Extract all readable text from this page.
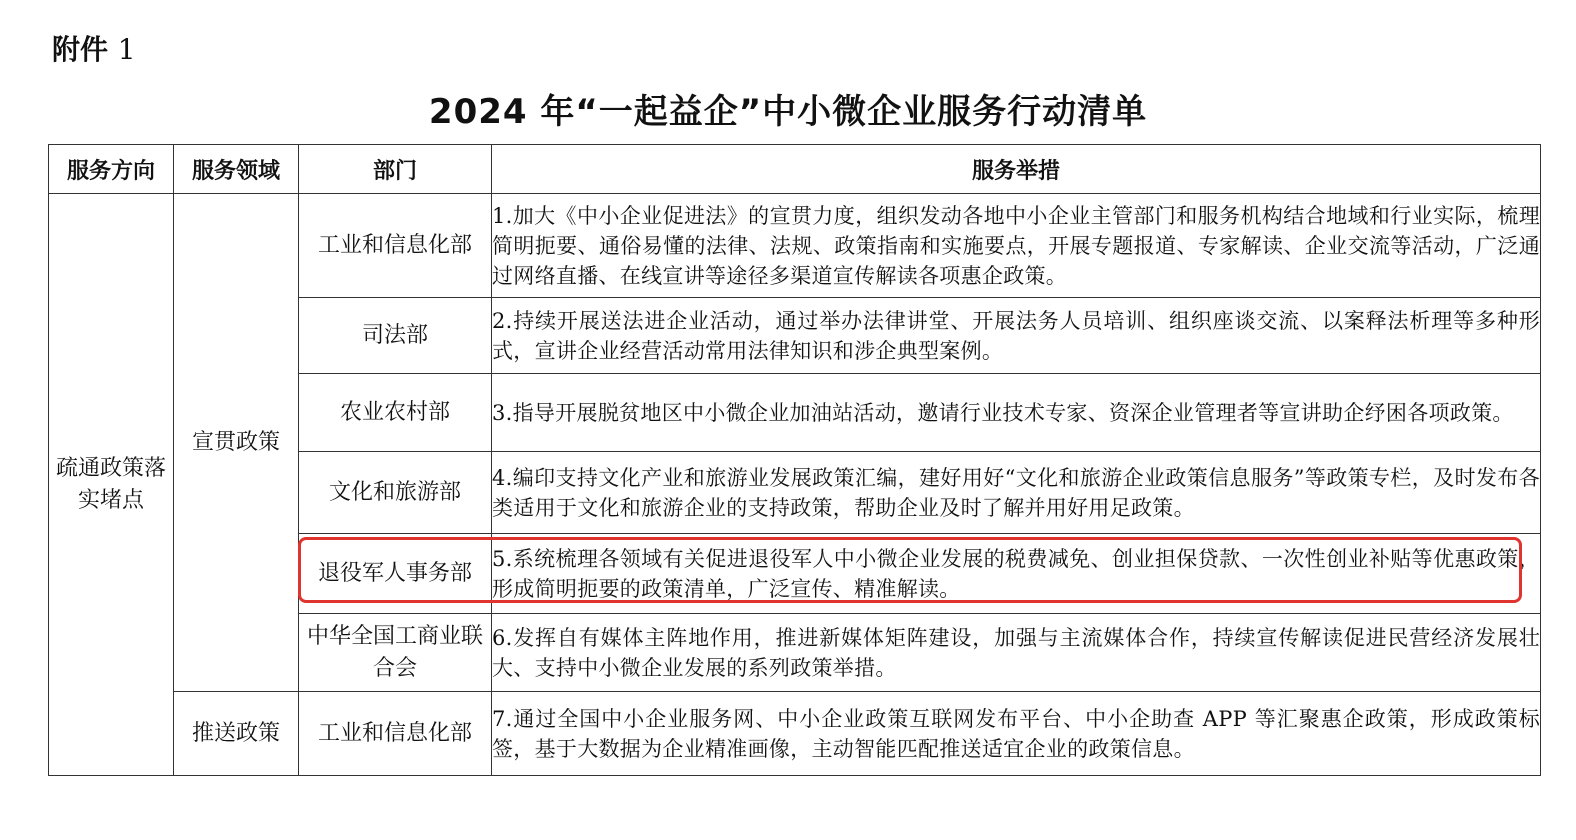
附件 1
2024 年“一起益企”中小微企业服务行动清单
服务方向	服务领域	部门	服务举措
疏通政策落实堵点	宣贯政策	工业和信息化部	1.加大《中小企业促进法》的宣贯力度，组织发动各地中小企业主管部门和服务机构结合地域和行业实际，梳理简明扼要、通俗易懂的法律、法规、政策指南和实施要点，开展专题报道、专家解读、企业交流等活动，广泛通过网络直播、在线宣讲等途径多渠道宣传解读各项惠企政策。
		司法部	2.持续开展送法进企业活动，通过举办法律讲堂、开展法务人员培训、组织座谈交流、以案释法析理等多种形式，宣讲企业经营活动常用法律知识和涉企典型案例。
		农业农村部	3.指导开展脱贫地区中小微企业加油站活动，邀请行业技术专家、资深企业管理者等宣讲助企纾困各项政策。
		文化和旅游部	4.编印支持文化产业和旅游业发展政策汇编，建好用好“文化和旅游企业政策信息服务”等政策专栏，及时发布各类适用于文化和旅游企业的支持政策，帮助企业及时了解并用好用足政策。
		退役军人事务部	5.系统梳理各领域有关促进退役军人中小微企业发展的税费减免、创业担保贷款、一次性创业补贴等优惠政策，形成简明扼要的政策清单，广泛宣传、精准解读。
		中华全国工商业联合会	6.发挥自有媒体主阵地作用，推进新媒体矩阵建设，加强与主流媒体合作，持续宣传解读促进民营经济发展壮大、支持中小微企业发展的系列政策举措。
	推送政策	工业和信息化部	7.通过全国中小企业服务网、中小企业政策互联网发布平台、中小企助查 APP 等汇聚惠企政策，形成政策标签，基于大数据为企业精准画像，主动智能匹配推送适宜企业的政策信息。
